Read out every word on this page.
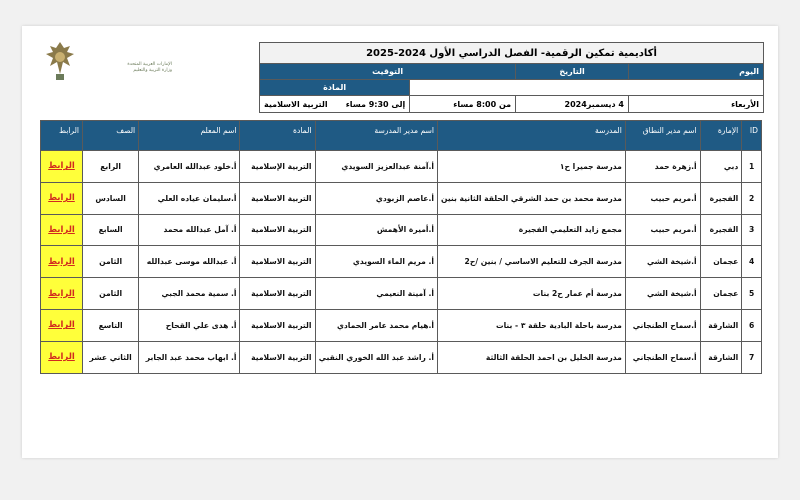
الإمارات العربية المتحدة
وزارة التربية والتعليم
أكاديمية تمكين الرقمية- الفصل الدراسي الأول 2024-2025			
اليوم	التاريخ	التوقيت	
			المادة
الأربعاء	4 ديسمبر2024	من 8:00 مساء	إلى 9:30 مساء
التربية الاسلامية
ID	الإمارة	اسم مدير النطاق	المدرسة	اسم مدير المدرسة	المادة	اسم المعلم	الصف	الرابط
1	دبي	أ.زهرة حمد	مدرسة جميرا ح١	أ.آمنة عبدالعزيز السويدي	التربية الإسلامية	أ.خلود عبدالله العامري	الرابع	الرابط
2	الفجيرة	أ.مريم حبيب	مدرسة محمد بن حمد الشرقي الحلقة الثانية بنين	أ.عاصم الزبودي	التربية الاسلامية	أ.سليمان عياده العلي	السادس	الرابط
3	الفجيرة	أ.مريم حبيب	مجمع زايد التعليمي الفجيرة	أ.أميرة الأهمش	التربية الاسلامية	أ. آمل عبدالله محمد	السابع	الرابط
4	عجمان	أ.شيخة الشي	مدرسة الجرف للتعليم الاساسي / بنين /ح2	أ. مريم الماء السويدي	التربية الاسلامية	أ. عبدالله موسى عبدالله	الثامن	الرابط
5	عجمان	أ.شيخة الشي	مدرسة أم عمار ح2 بنات	أ. آمينة النعيمي	التربية الاسلامية	أ. سمية محمد الجبي	الثامن	الرابط
6	الشارقة	أ.سماح الطنجاني	مدرسة باحلة البادية حلقة ٣ - بنات	أ.هيام محمد عامر الحمادي	التربية الاسلامية	أ. هدى علي القحاح	التاسع	الرابط
7	الشارقة	أ.سماح الطنجاني	مدرسة الخليل بن احمد الحلقة الثالثة	أ. راشد عبد الله الخوري النقبي	التربية الاسلامية	أ. ابهاب محمد عبد الجابر	الثاني عشر	الرابط
